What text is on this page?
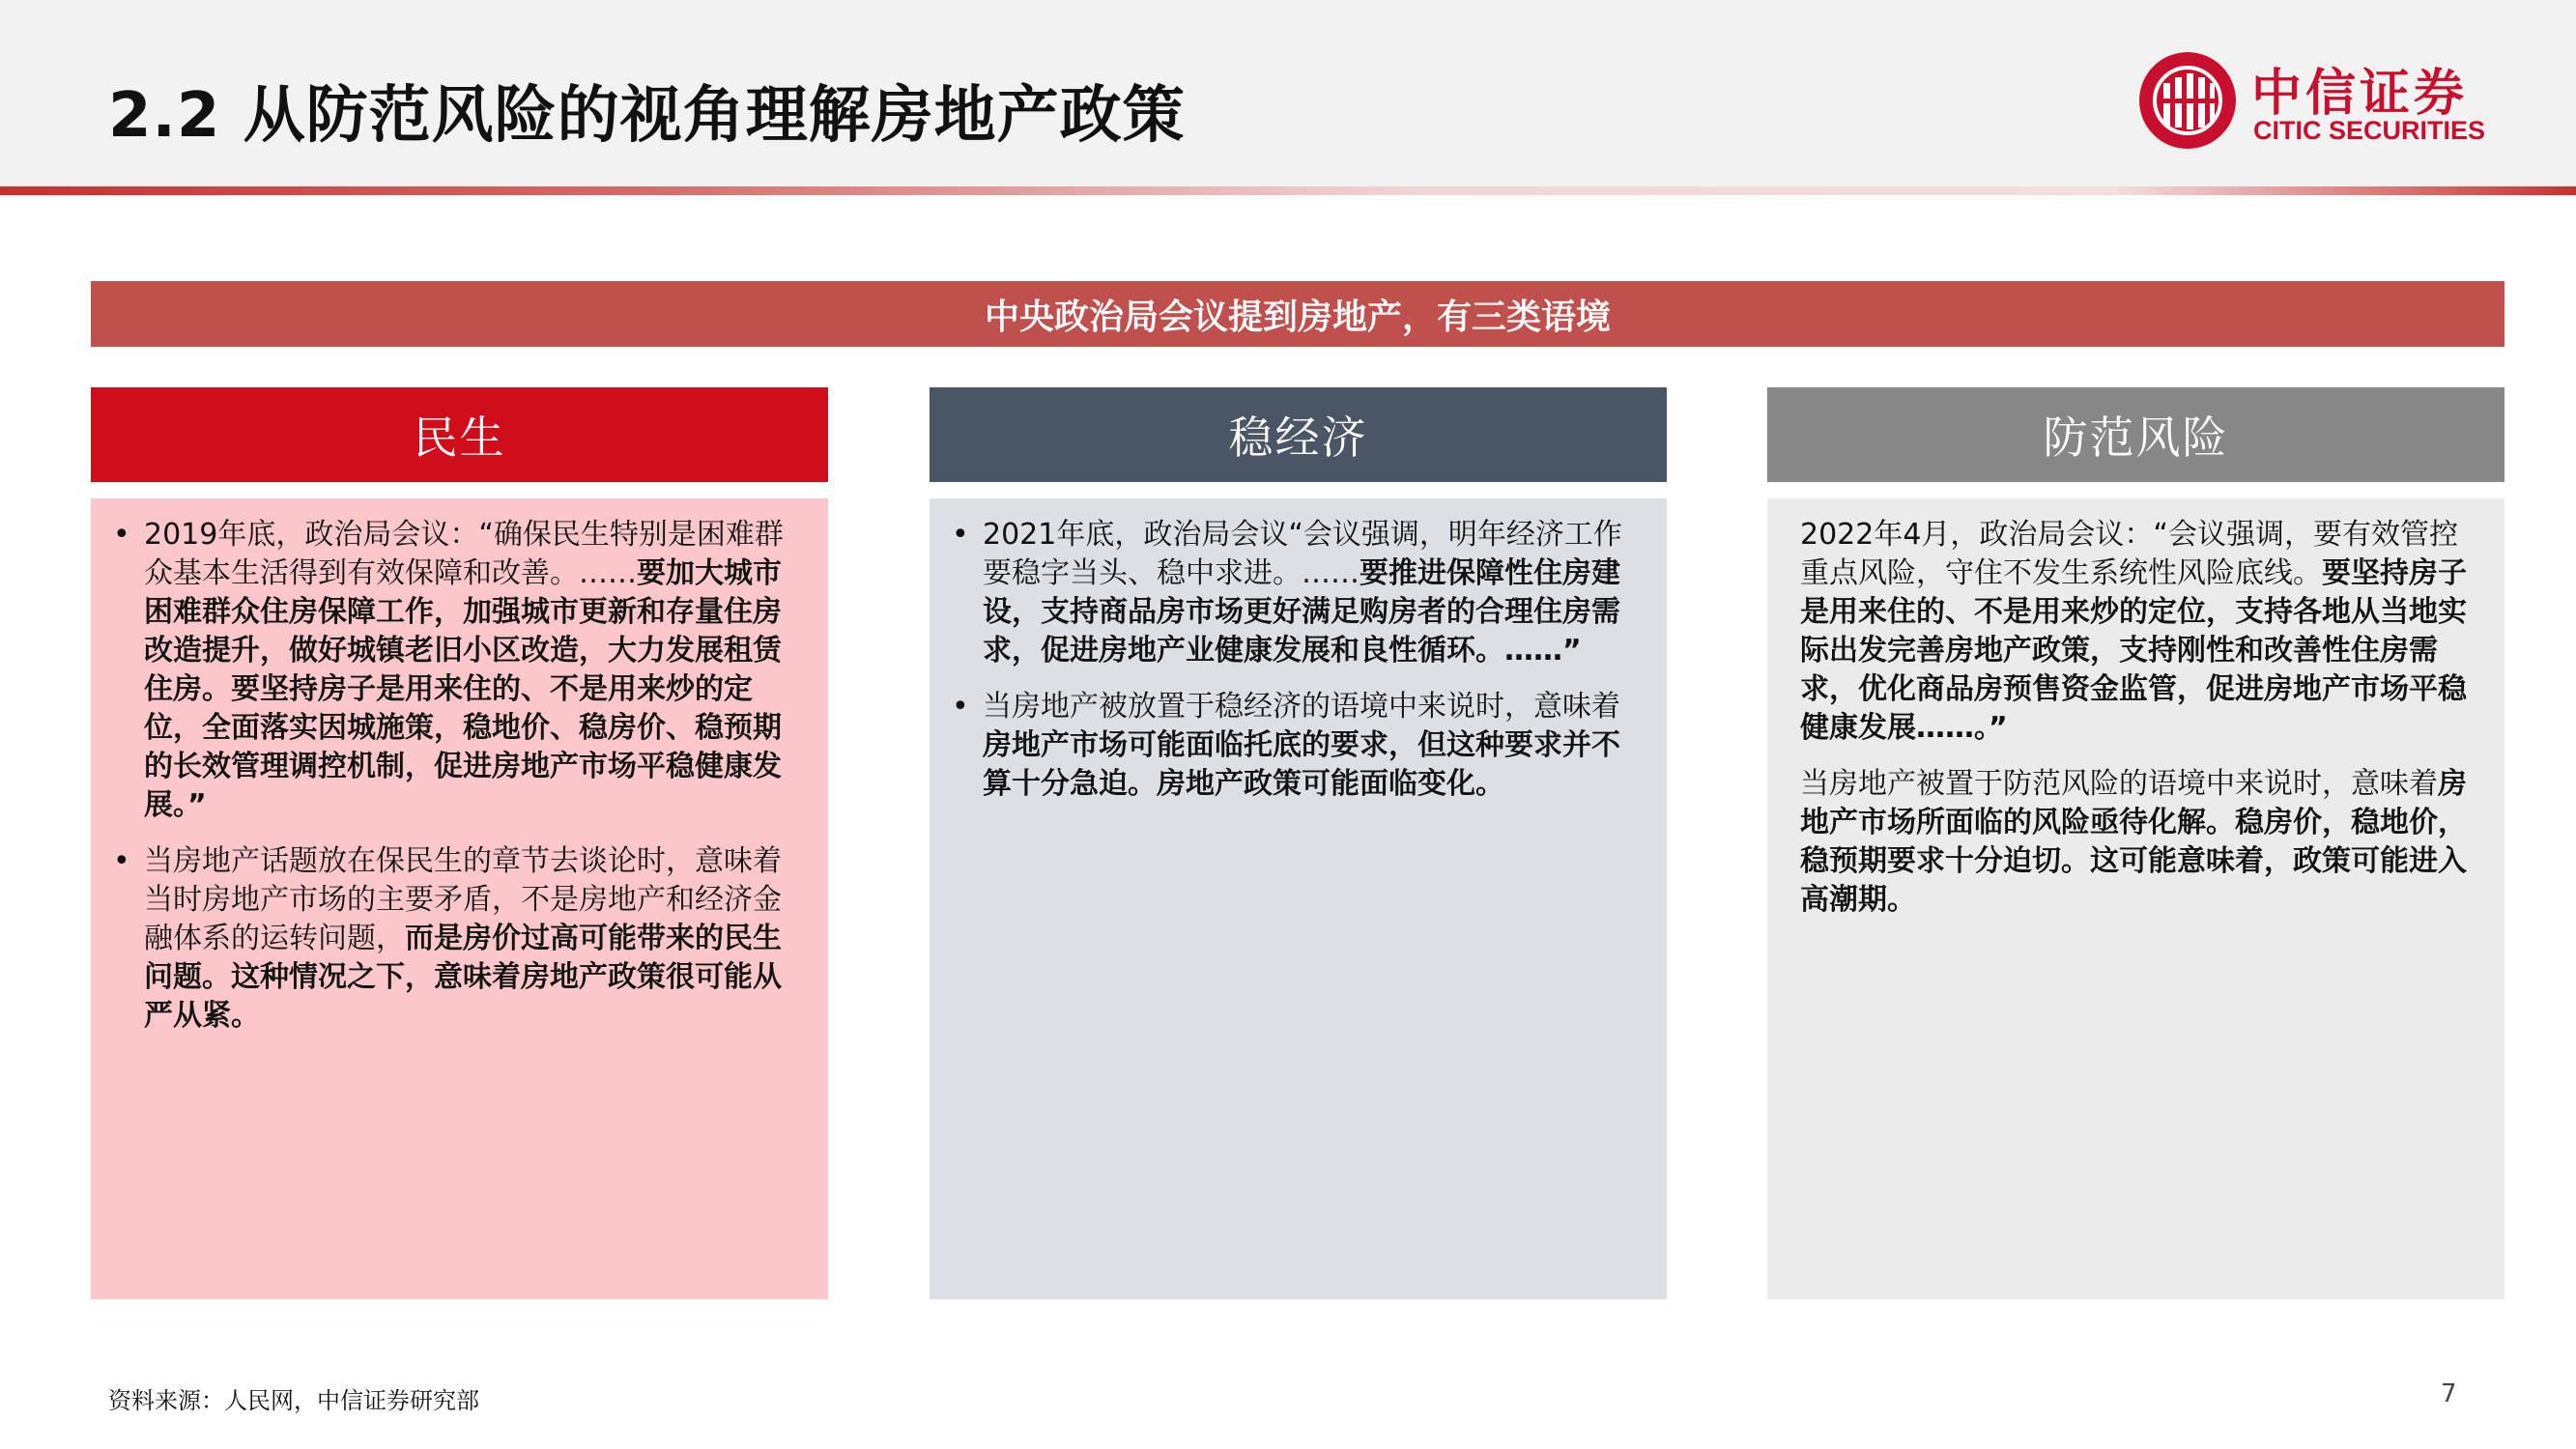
2.2 从防范风险的视角理解房地产政策	中信证券
CITIC SECURITIES
中央政治局会议提到房地产，有三类语境
民生

• 2019年底，政治局会议：“确保民生特别是困难群众基本生活得到有效保障和改善。……要加大城市困难群众住房保障工作，加强城市更新和存量住房改造提升，做好城镇老旧小区改造，大力发展租赁住房。要坚持房子是用来住的、不是用来炒的定位，全面落实因城施策，稳地价、稳房价、稳预期的长效管理调控机制，促进房地产市场平稳健康发展。”

• 当房地产话题放在保民生的章节去谈论时，意味着当时房地产市场的主要矛盾，不是房地产和经济金融体系的运转问题，而是房价过高可能带来的民生问题。这种情况之下，意味着房地产政策很可能从严从紧。

稳经济

• 2021年底，政治局会议“会议强调，明年经济工作要稳字当头、稳中求进。……要推进保障性住房建设，支持商品房市场更好满足购房者的合理住房需求，促进房地产业健康发展和良性循环。……”

• 当房地产被放置于稳经济的语境中来说时，意味着房地产市场可能面临托底的要求，但这种要求并不算十分急迫。房地产政策可能面临变化。

防范风险

2022年4月，政治局会议：“会议强调，要有效管控重点风险，守住不发生系统性风险底线。要坚持房子是用来住的、不是用来炒的定位，支持各地从当地实际出发完善房地产政策，支持刚性和改善性住房需求，优化商品房预售资金监管，促进房地产市场平稳健康发展……。”

当房地产被置于防范风险的语境中来说时，意味着房地产市场所面临的风险亟待化解。稳房价，稳地价，稳预期要求十分迫切。这可能意味着，政策可能进入高潮期。

资料来源：人民网，中信证券研究部	7
